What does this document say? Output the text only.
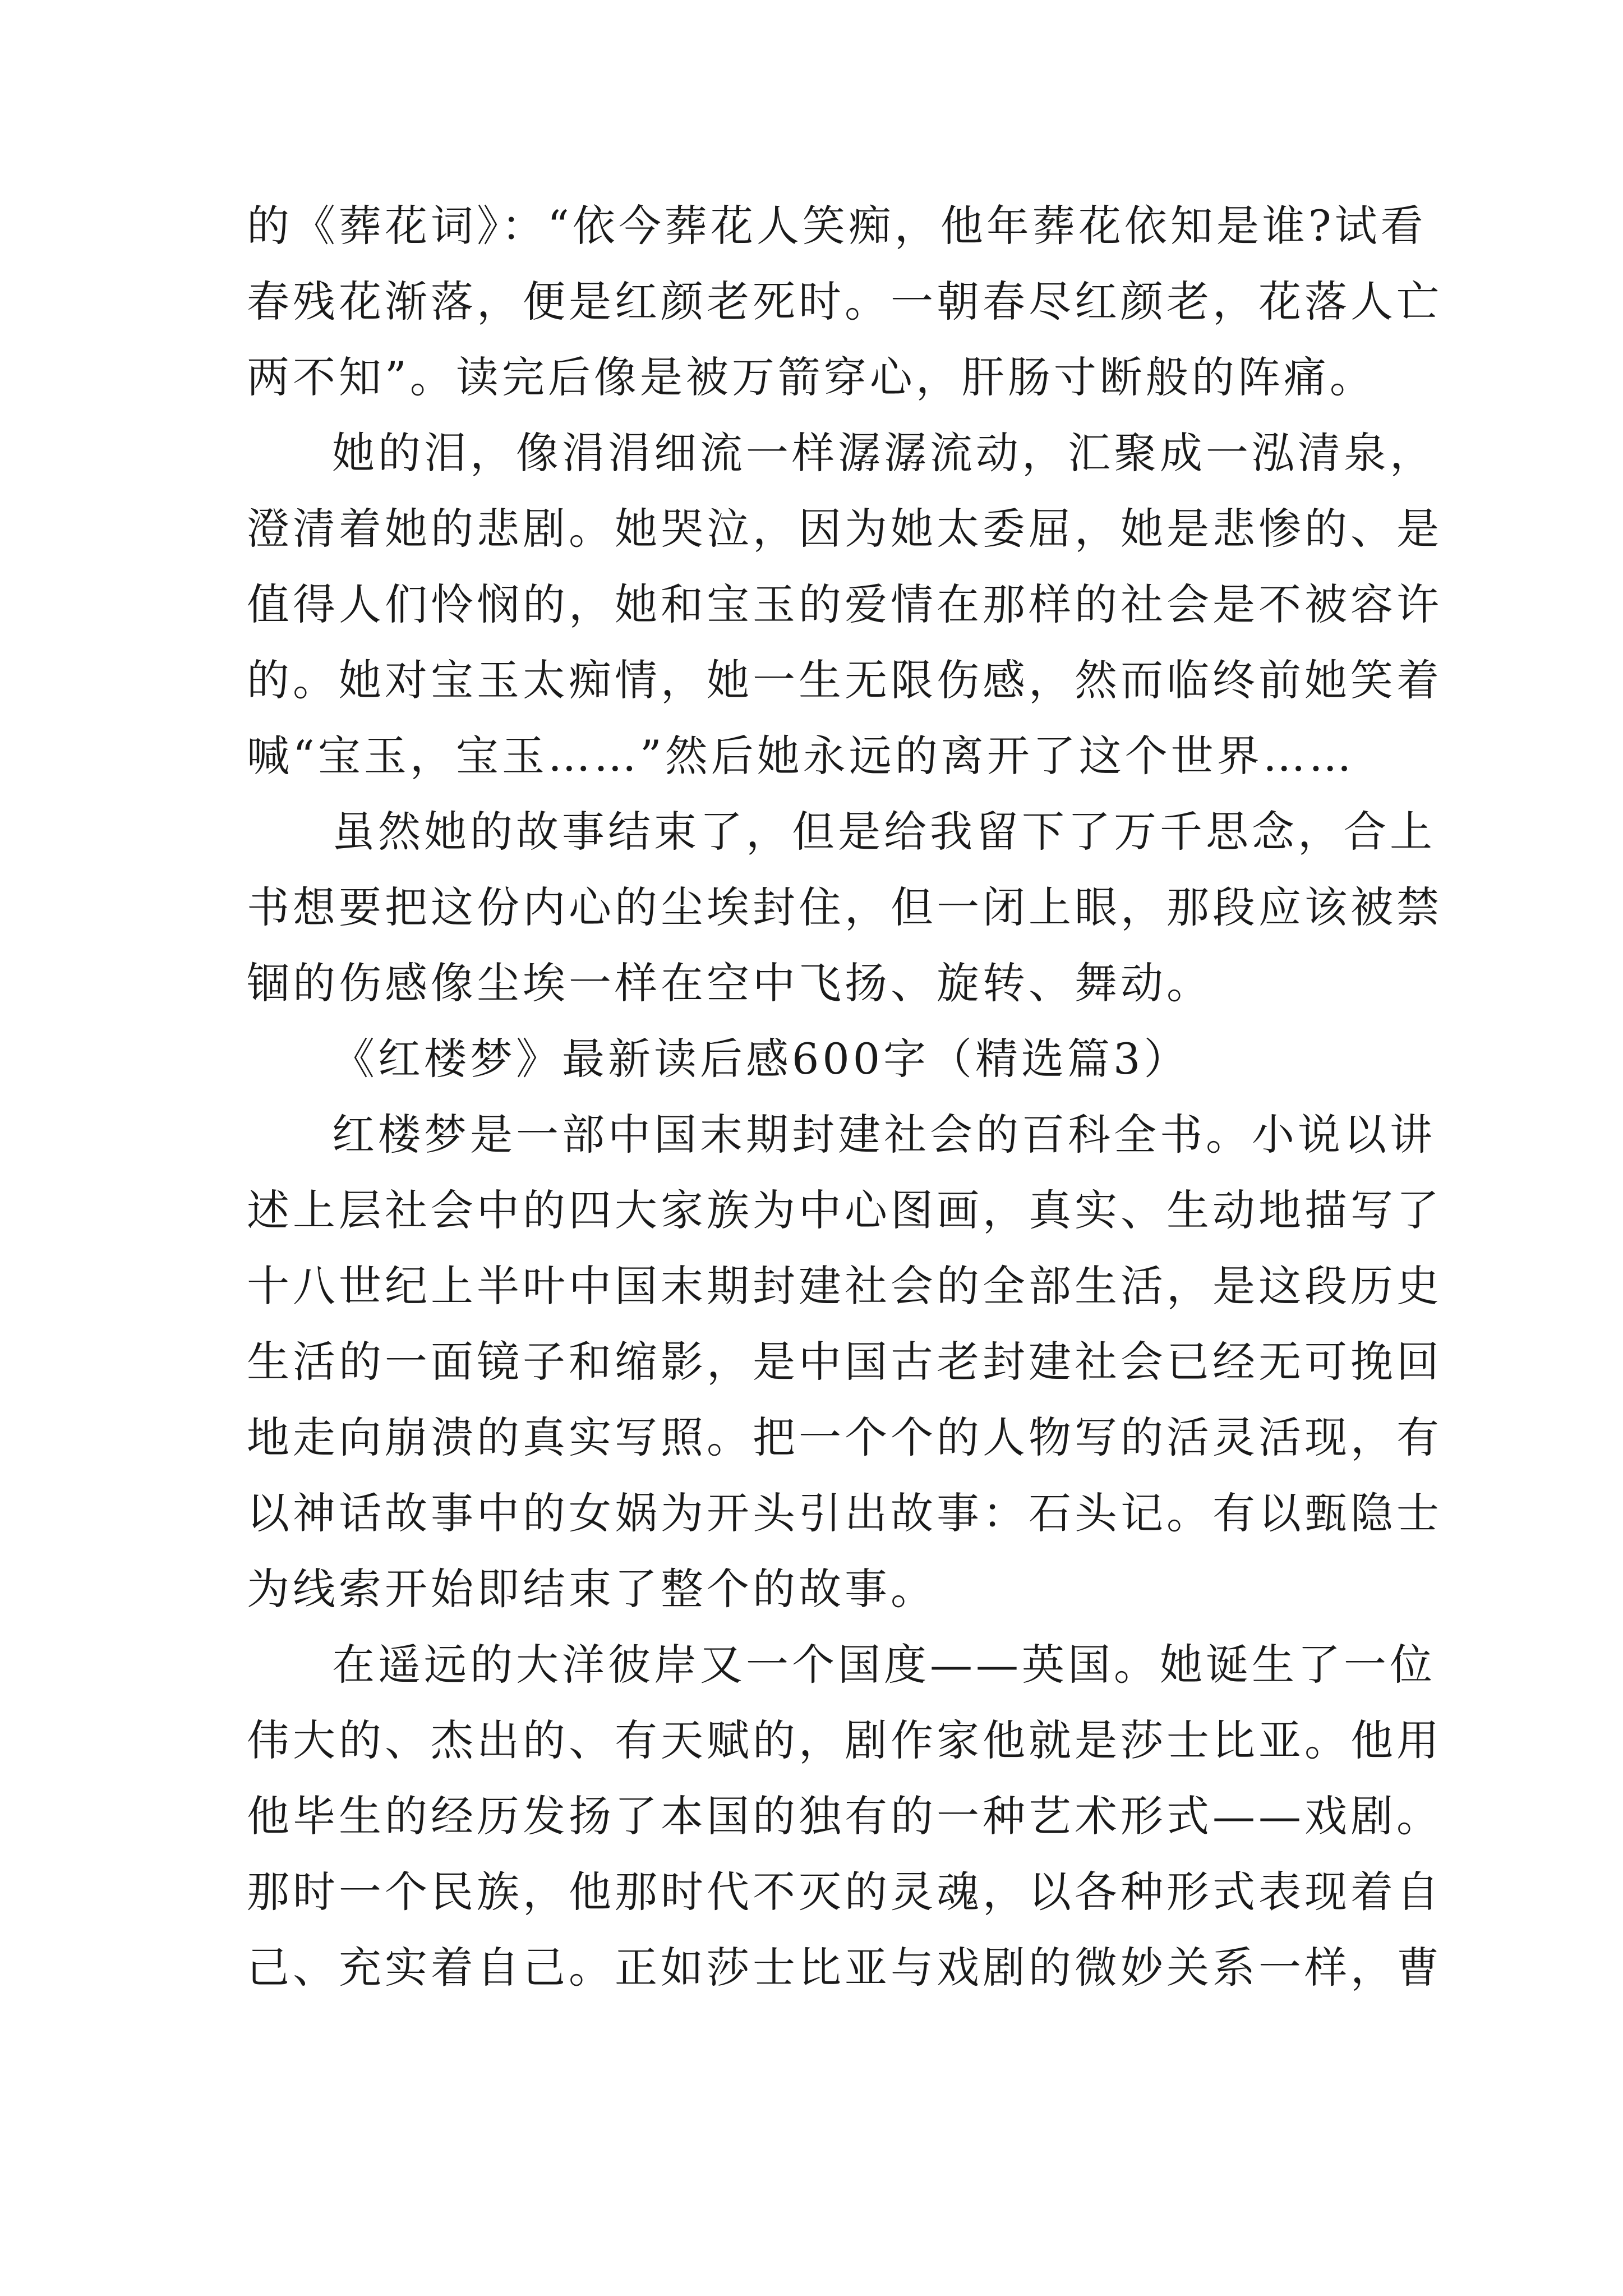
的《葬花词》：“依今葬花人笑痴，他年葬花依知是谁?试看
春残花渐落，便是红颜老死时。一朝春尽红颜老，花落人亡
两不知”。读完后像是被万箭穿心，肝肠寸断般的阵痛。
她的泪，像涓涓细流一样潺潺流动，汇聚成一泓清泉，
澄清着她的悲剧。她哭泣，因为她太委屈，她是悲惨的、是
值得人们怜悯的，她和宝玉的爱情在那样的社会是不被容许
的。她对宝玉太痴情，她一生无限伤感，然而临终前她笑着
喊“宝玉，宝玉……”然后她永远的离开了这个世界……
虽然她的故事结束了，但是给我留下了万千思念，合上
书想要把这份内心的尘埃封住，但一闭上眼，那段应该被禁
锢的伤感像尘埃一样在空中飞扬、旋转、舞动。
《红楼梦》最新读后感600字（精选篇3）
红楼梦是一部中国末期封建社会的百科全书。小说以讲
述上层社会中的四大家族为中心图画，真实、生动地描写了
十八世纪上半叶中国末期封建社会的全部生活，是这段历史
生活的一面镜子和缩影，是中国古老封建社会已经无可挽回
地走向崩溃的真实写照。把一个个的人物写的活灵活现，有
以神话故事中的女娲为开头引出故事：石头记。有以甄隐士
为线索开始即结束了整个的故事。
在遥远的大洋彼岸又一个国度——英国。她诞生了一位
伟大的、杰出的、有天赋的，剧作家他就是莎士比亚。他用
他毕生的经历发扬了本国的独有的一种艺术形式——戏剧。
那时一个民族，他那时代不灭的灵魂，以各种形式表现着自
己、充实着自己。正如莎士比亚与戏剧的微妙关系一样，曹
